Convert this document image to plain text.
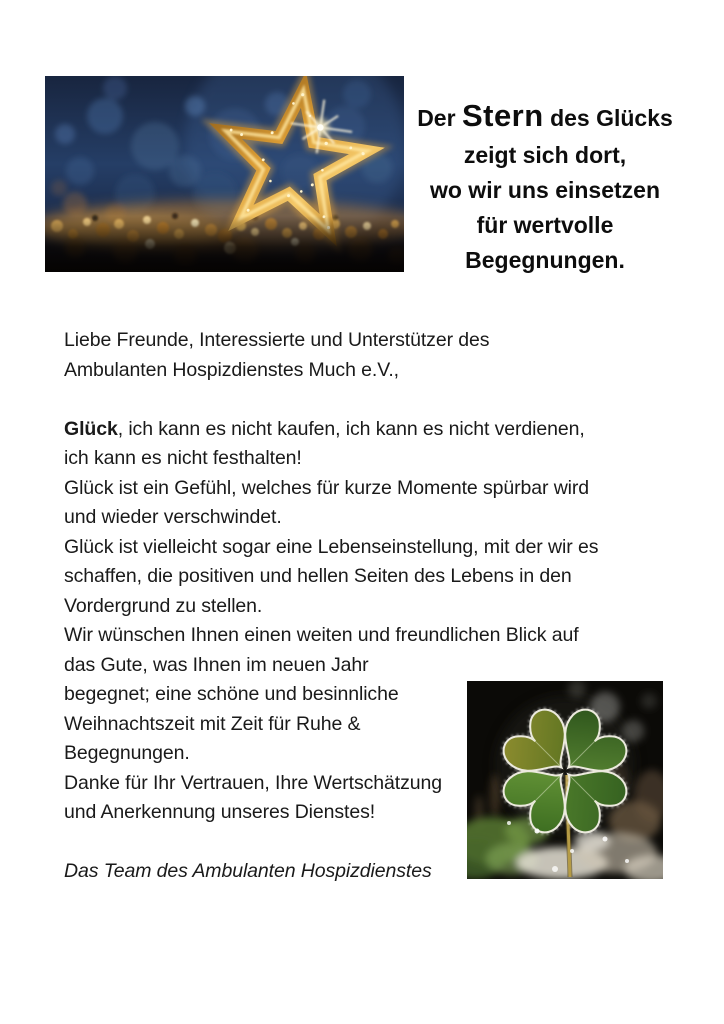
Der Stern des Glücks
zeigt sich dort,
wo wir uns einsetzen
für wertvolle
Begegnungen.
Liebe Freunde, Interessierte und Unterstützer des
Ambulanten Hospizdienstes Much e.V.,
Glück, ich kann es nicht kaufen, ich kann es nicht verdienen,
ich kann es nicht festhalten!
Glück ist ein Gefühl, welches für kurze Momente spürbar wird
und wieder verschwindet.
Glück ist vielleicht sogar eine Lebenseinstellung, mit der wir es
schaffen, die positiven und hellen Seiten des Lebens in den
Vordergrund zu stellen.
Wir wünschen Ihnen einen weiten und freundlichen Blick auf
das Gute, was Ihnen im neuen Jahr
begegnet; eine schöne und besinnliche
Weihnachtszeit mit Zeit für Ruhe &
Begegnungen.
Danke für Ihr Vertrauen, Ihre Wertschätzung
und Anerkennung unseres Dienstes!
Das Team des Ambulanten Hospizdienstes
